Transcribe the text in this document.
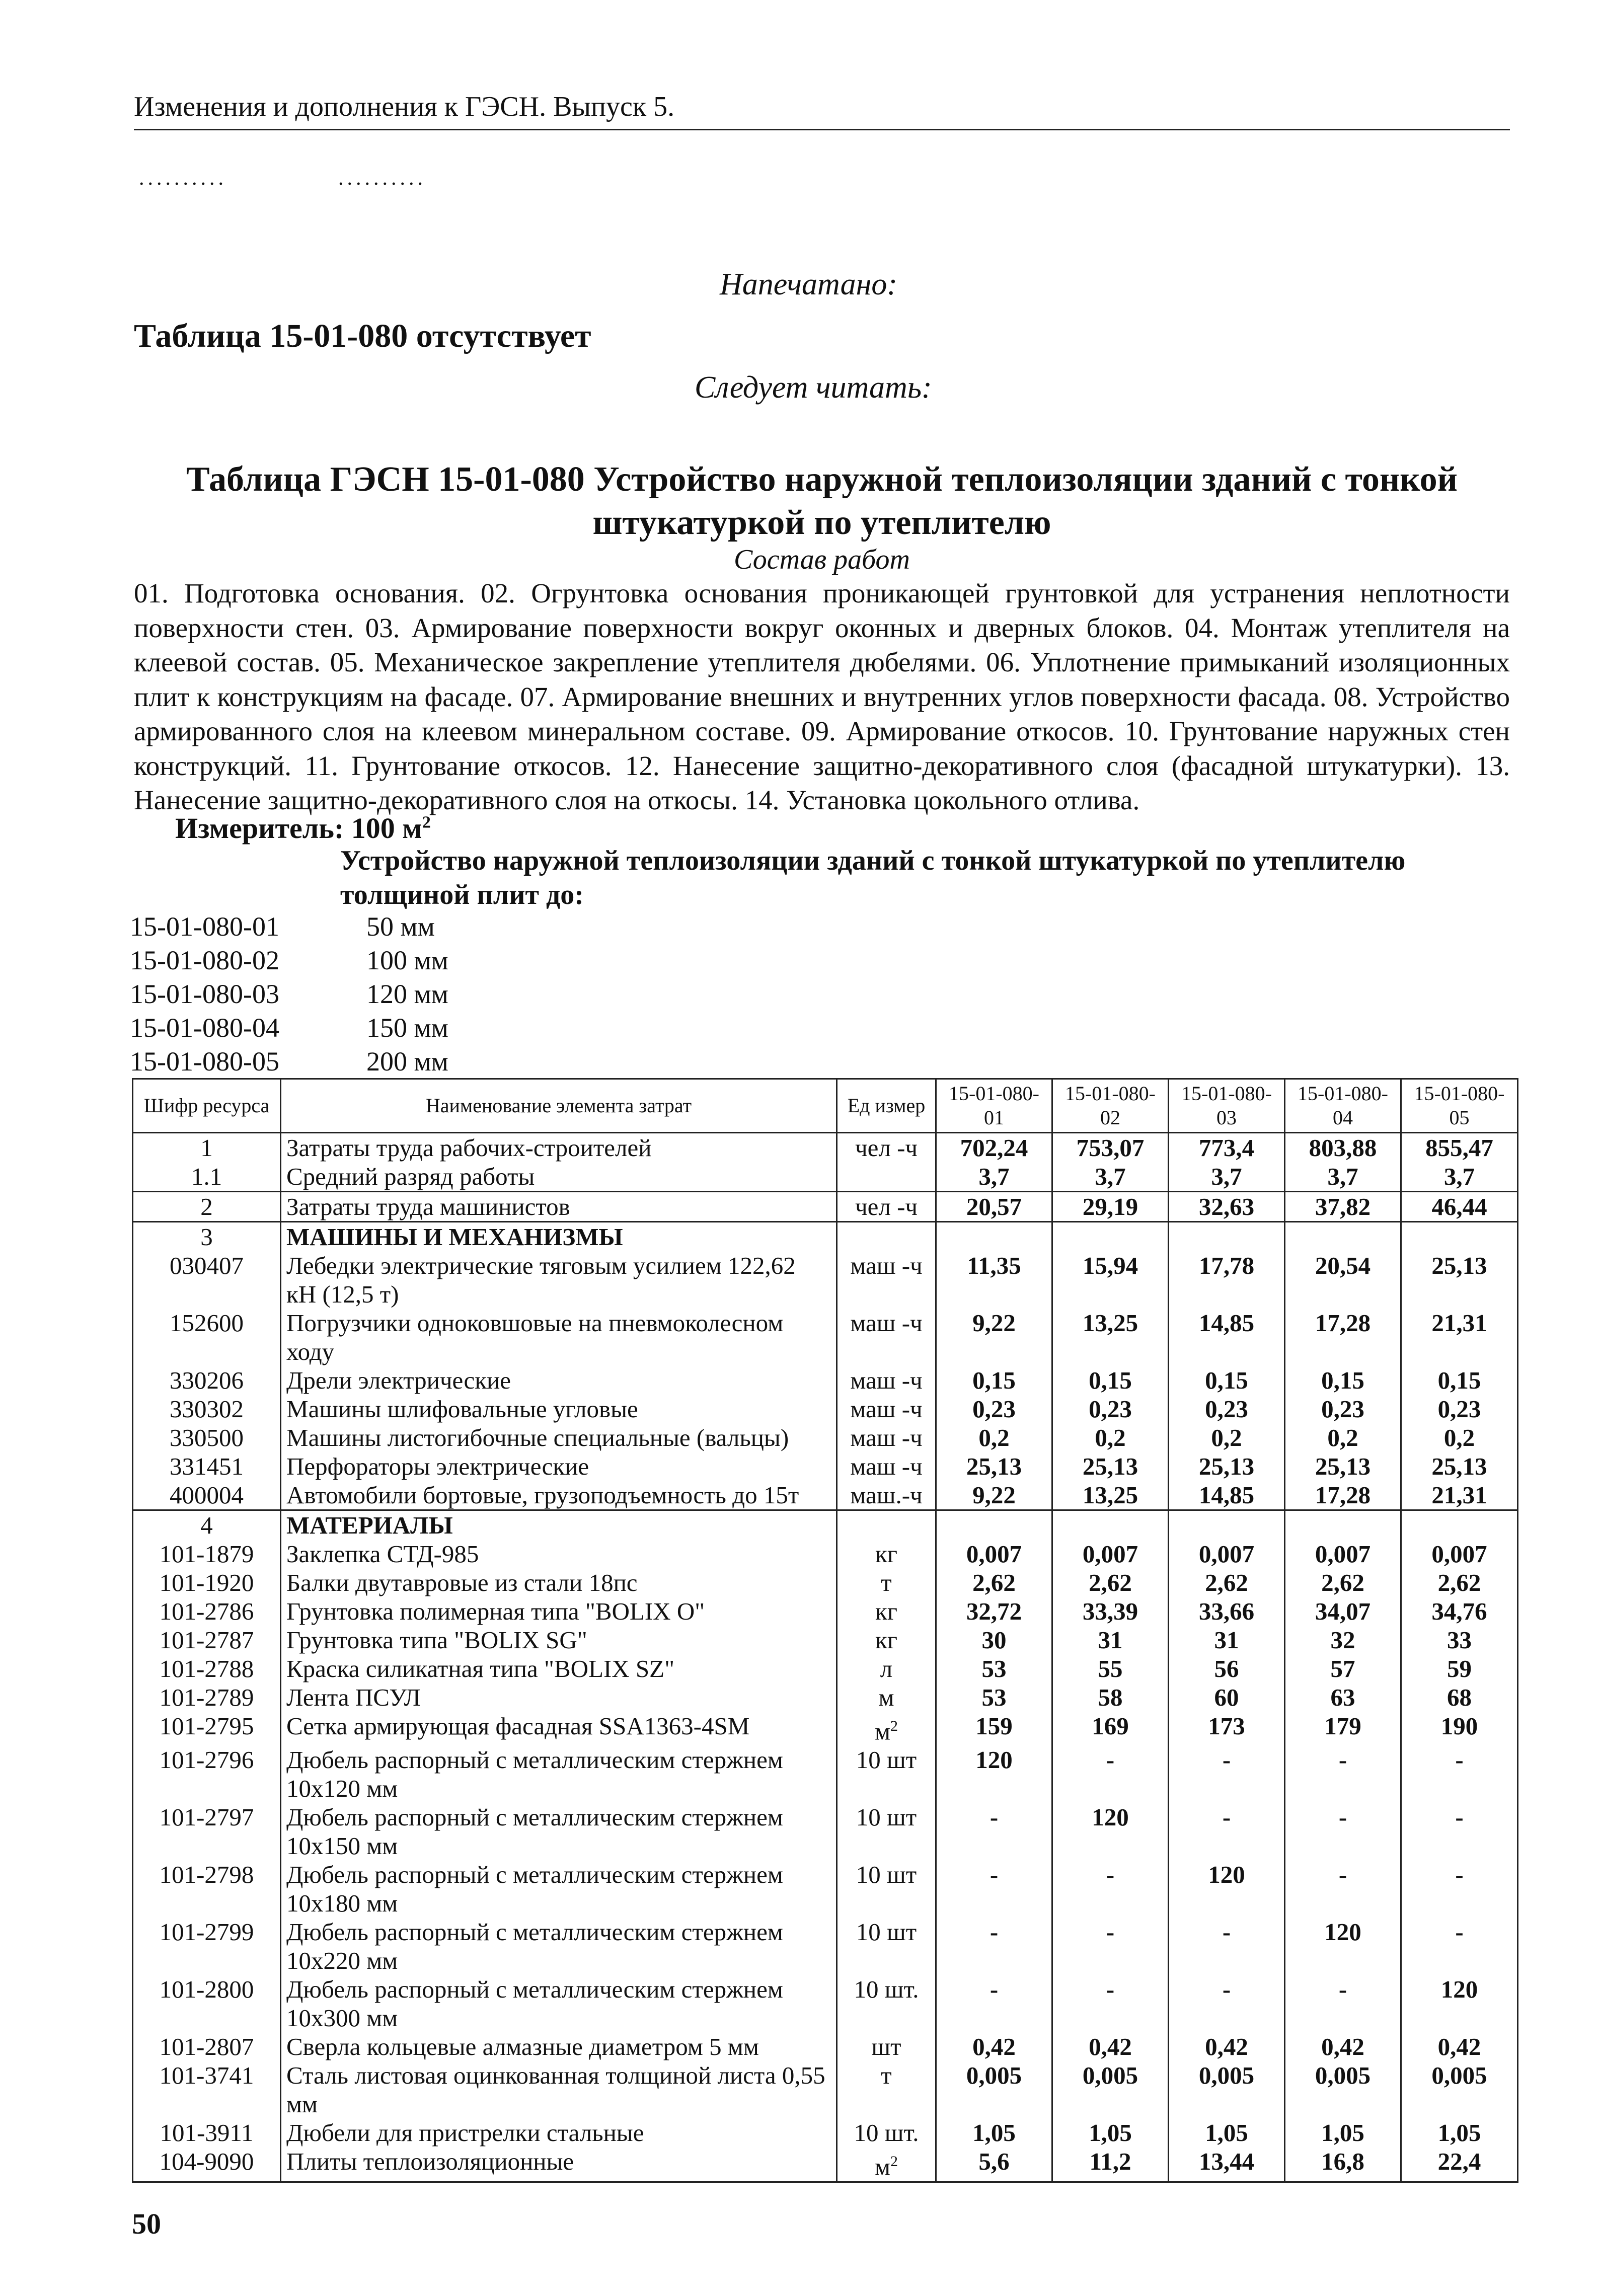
Изменения и дополнения к ГЭСН. Выпуск 5.
..........	..........
Напечатано:
Таблица 15-01-080 отсутствует
Следует читать:
Таблица ГЭСН 15-01-080 Устройство наружной теплоизоляции зданий с тонкой штукатуркой по утеплителю
Состав работ
01. Подготовка основания. 02. Огрунтовка основания проникающей грунтовкой для устранения неплотности поверхности стен. 03. Армирование поверхности вокруг оконных и дверных блоков. 04. Монтаж утеплителя на клеевой состав. 05. Механическое закрепление утеплителя дюбелями. 06. Уплотнение примыканий изоляционных плит к конструкциям на фасаде. 07. Армирование внешних и внутренних углов поверхности фасада. 08. Устройство армированного слоя на клеевом минеральном составе. 09. Армирование откосов. 10. Грунтование наружных стен конструкций. 11. Грунтование откосов. 12. Нанесение защитно-декоративного слоя (фасадной штукатурки). 13. Нанесение защитно-декоративного слоя на откосы. 14. Установка цокольного отлива.
Измеритель: 100 $м^2$
Устройство наружной теплоизоляции зданий с тонкой штукатуркой по утеплителю толщиной плит до:
15-01-080-01	50 мм
15-01-080-02	100 мм
15-01-080-03	120 мм
15-01-080-04	150 мм
15-01-080-05	200 мм
Шифр ресурса	Наименование элемента затрат	Ед измер	15-01-080-01	15-01-080-02	15-01-080-03	15-01-080-04	15-01-080-05
1	Затраты труда рабочих-строителей	чел -ч	702,24	753,07	773,4	803,88	855,47
1.1	Средний разряд работы		3,7	3,7	3,7	3,7	3,7
2	Затраты труда машинистов	чел -ч	20,57	29,19	32,63	37,82	46,44
3	МАШИНЫ И МЕХАНИЗМЫ						
030407	Лебедки электрические тяговым усилием 122,62 кН (12,5 т)	маш -ч	11,35	15,94	17,78	20,54	25,13
152600	Погрузчики одноковшовые на пневмоколесном ходу	маш -ч	9,22	13,25	14,85	17,28	21,31
330206	Дрели электрические	маш -ч	0,15	0,15	0,15	0,15	0,15
330302	Машины шлифовальные угловые	маш -ч	0,23	0,23	0,23	0,23	0,23
330500	Машины листогибочные специальные (вальцы)	маш -ч	0,2	0,2	0,2	0,2	0,2
331451	Перфораторы электрические	маш -ч	25,13	25,13	25,13	25,13	25,13
400004	Автомобили бортовые, грузоподъемность до 15т	маш.-ч	9,22	13,25	14,85	17,28	21,31
4	МАТЕРИАЛЫ						
101-1879	Заклепка СТД-985	кг	0,007	0,007	0,007	0,007	0,007
101-1920	Балки двутавровые из стали 18пс	т	2,62	2,62	2,62	2,62	2,62
101-2786	Грунтовка полимерная типа "BOLIX O"	кг	32,72	33,39	33,66	34,07	34,76
101-2787	Грунтовка типа "BOLIX SG"	кг	30	31	31	32	33
101-2788	Краска силикатная типа "BOLIX SZ"	л	53	55	56	57	59
101-2789	Лента ПСУЛ	м	53	58	60	63	68
101-2795	Сетка армирующая фасадная SSA1363-4SM	$м^2$	159	169	173	179	190
101-2796	Дюбель распорный с металлическим стержнем 10х120 мм	10 шт	120	-	-	-	-
101-2797	Дюбель распорный с металлическим стержнем 10х150 мм	10 шт	-	120	-	-	-
101-2798	Дюбель распорный с металлическим стержнем 10х180 мм	10 шт	-	-	120	-	-
101-2799	Дюбель распорный с металлическим стержнем 10х220 мм	10 шт	-	-	-	120	-
101-2800	Дюбель распорный с металлическим стержнем 10х300 мм	10 шт.	-	-	-	-	120
101-2807	Сверла кольцевые алмазные диаметром 5 мм	шт	0,42	0,42	0,42	0,42	0,42
101-3741	Сталь листовая оцинкованная толщиной листа 0,55 мм	т	0,005	0,005	0,005	0,005	0,005
101-3911	Дюбели для пристрелки стальные	10 шт.	1,05	1,05	1,05	1,05	1,05
104-9090	Плиты теплоизоляционные	$м^2$	5,6	11,2	13,44	16,8	22,4
50
